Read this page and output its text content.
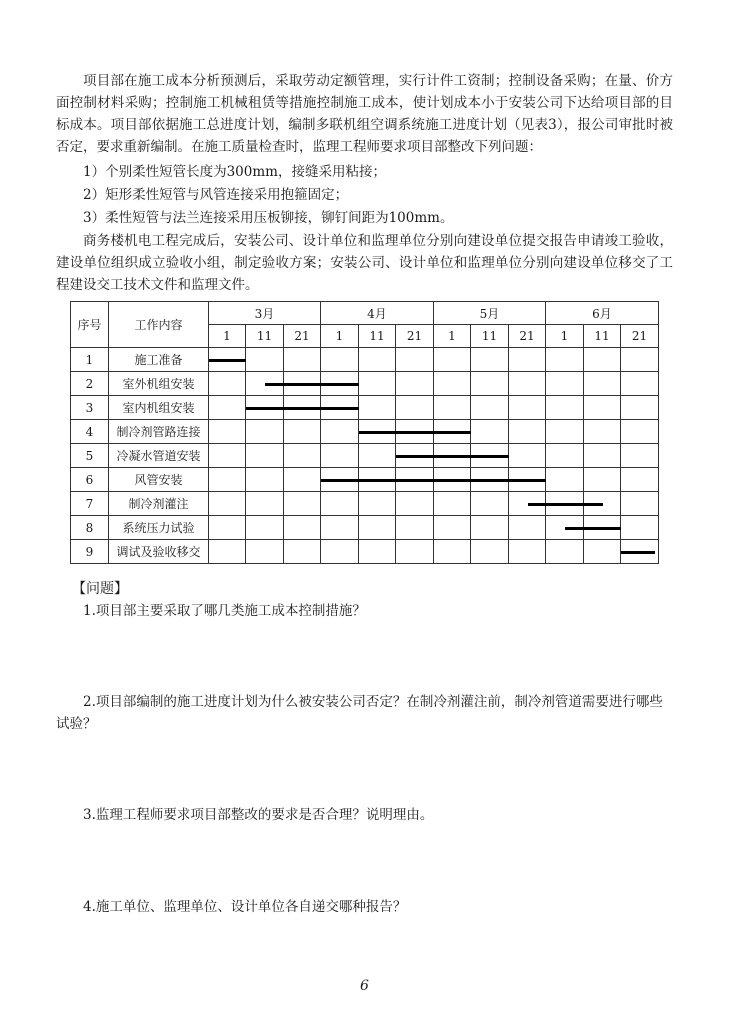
项目部在施工成本分析预测后，采取劳动定额管理，实行计件工资制；控制设备采购；在量、价方面控制材料采购；控制施工机械租赁等措施控制施工成本，使计划成本小于安装公司下达给项目部的目标成本。项目部依据施工总进度计划，编制多联机组空调系统施工进度计划（见表3），报公司审批时被否定，要求重新编制。在施工质量检查时，监理工程师要求项目部整改下列问题：

1）个别柔性短管长度为300mm，接缝采用粘接；

2）矩形柔性短管与风管连接采用抱箍固定；

3）柔性短管与法兰连接采用压板铆接，铆钉间距为100mm。

商务楼机电工程完成后，安装公司、设计单位和监理单位分别向建设单位提交报告申请竣工验收，建设单位组织成立验收小组，制定验收方案；安装公司、设计单位和监理单位分别向建设单位移交了工程建设交工技术文件和监理文件。

序号	工作内容	3月			4月			5月			6月		
		1	11	21	1	11	21	1	11	21	1	11	21
1	施工准备	

2	室外机组安装	

3	室内机组安装	

4	制冷剂管路连接	

5	冷凝水管道安装	

6	风管安装	

7	制冷剂灌注	

8	系统压力试验	

9	调试及验收移交	

【问题】

1.项目部主要采取了哪几类施工成本控制措施？

2.项目部编制的施工进度计划为什么被安装公司否定？在制冷剂灌注前，制冷剂管道需要进行哪些试验？

3.监理工程师要求项目部整改的要求是否合理？说明理由。

4.施工单位、监理单位、设计单位各自递交哪种报告？

6
